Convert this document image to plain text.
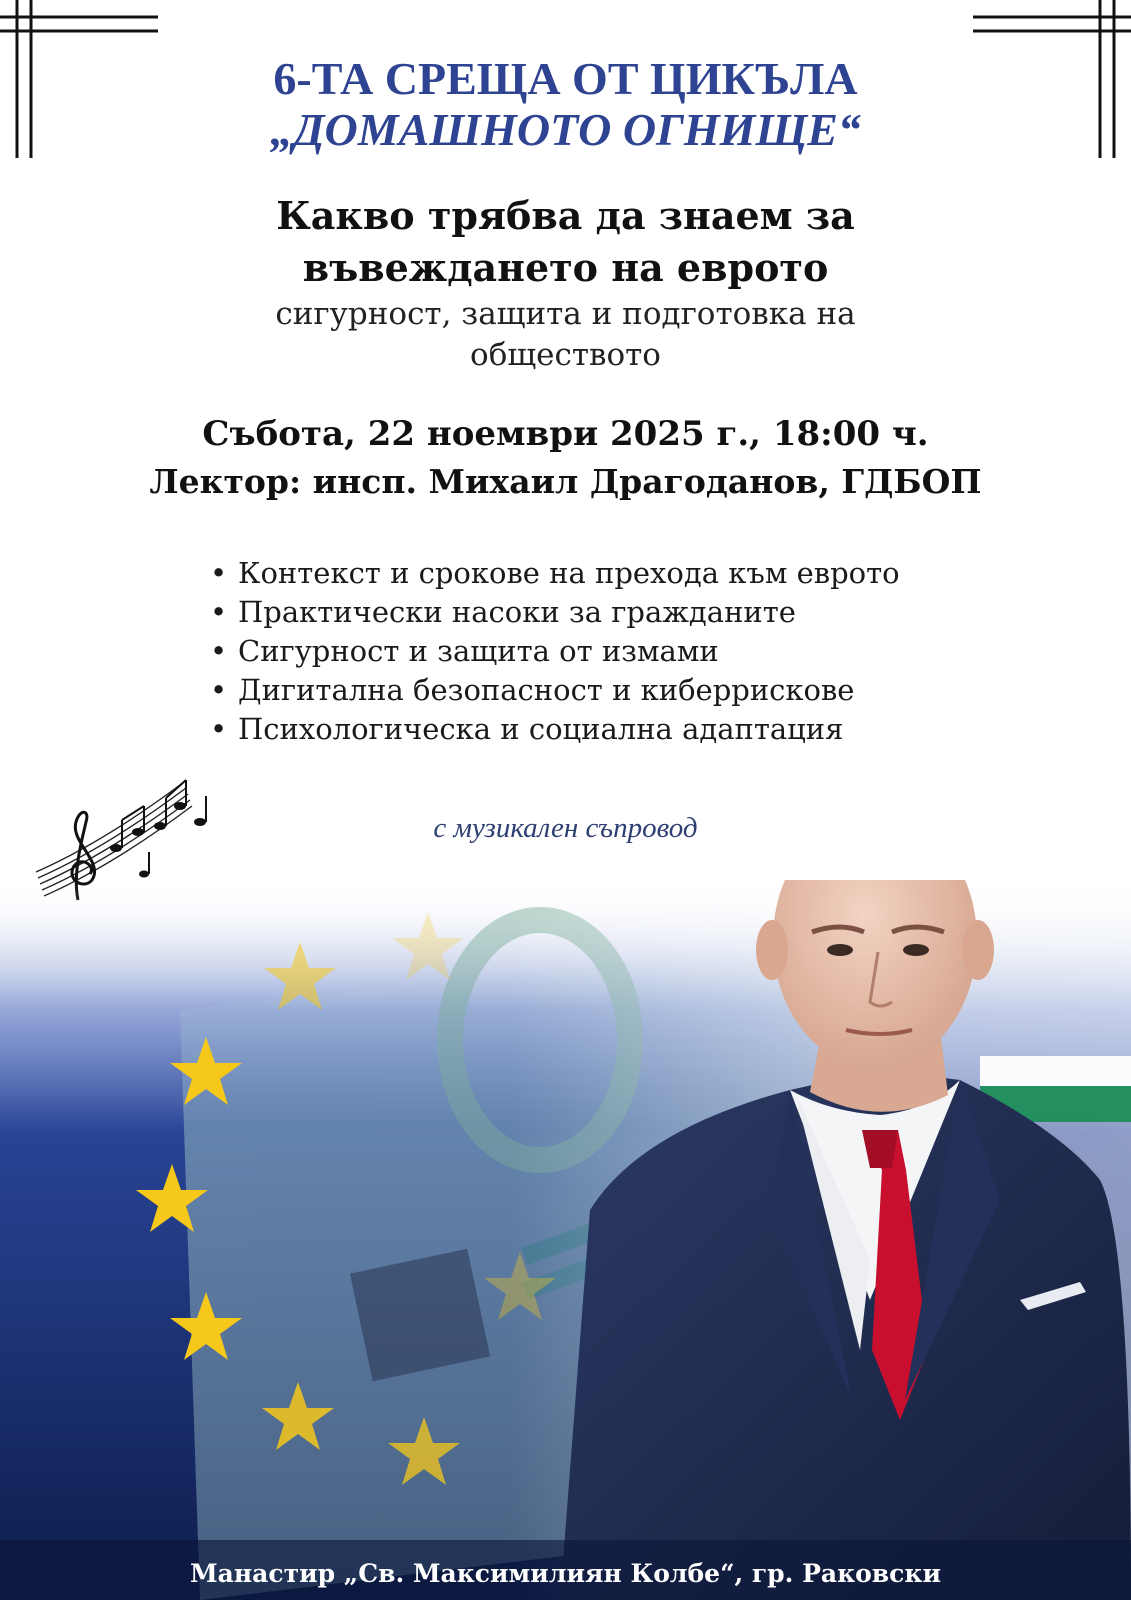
6-ТА СРЕЩА ОТ ЦИКЪЛА

„ДОМАШНОТО ОГНИЩЕ“

Какво трябва да знаем за
въвеждането на еврото
сигурност, защита и подготовка на
обществото

Събота, 22 ноември 2025 г., 18:00 ч.

Лектор: инсп. Михаил Драгоданов, ГДБОП

• Контекст и срокове на прехода към еврото
• Практически насоки за гражданите
• Сигурност и защита от измами
• Дигитална безопасност и киберрискове
• Психологическа и социална адаптация

с музикален съпровод

Манастир „Св. Максимилиян Колбе“, гр. Раковски
